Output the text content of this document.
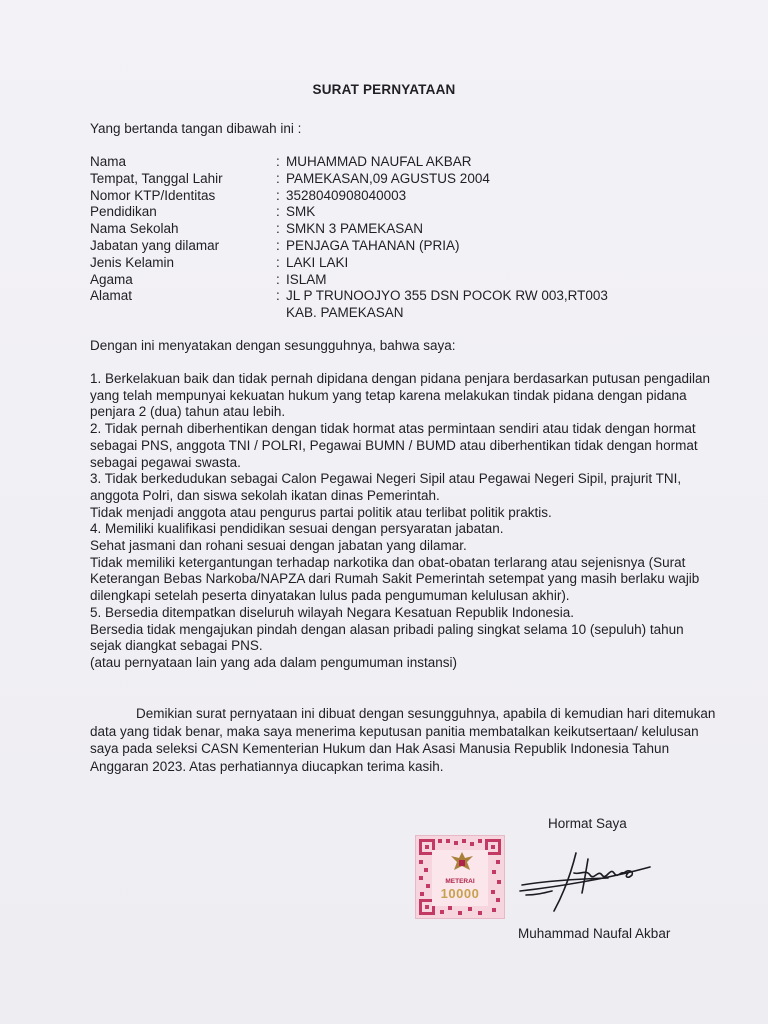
SURAT PERNYATAAN
Yang bertanda tangan dibawah ini :
Nama	: MUHAMMAD NAUFAL AKBAR
Tempat, Tanggal Lahir	: PAMEKASAN,09 AGUSTUS 2004
Nomor KTP/Identitas	: 3528040908040003
Pendidikan	: SMK
Nama Sekolah	: SMKN 3 PAMEKASAN
Jabatan yang dilamar	: PENJAGA TAHANAN (PRIA)
Jenis Kelamin	: LAKI LAKI
Agama	: ISLAM
Alamat	: JL P TRUNOOJYO 355 DSN POCOK RW 003,RT003
KAB. PAMEKASAN
Dengan ini menyatakan dengan sesungguhnya, bahwa saya:

1. Berkelakuan baik dan tidak pernah dipidana dengan pidana penjara berdasarkan putusan pengadilan yang telah mempunyai kekuatan hukum yang tetap karena melakukan tindak pidana dengan pidana penjara 2 (dua) tahun atau lebih.

2. Tidak pernah diberhentikan dengan tidak hormat atas permintaan sendiri atau tidak dengan hormat sebagai PNS, anggota TNI / POLRI, Pegawai BUMN / BUMD atau diberhentikan tidak dengan hormat sebagai pegawai swasta.

3. Tidak berkedudukan sebagai Calon Pegawai Negeri Sipil atau Pegawai Negeri Sipil, prajurit TNI, anggota Polri, dan siswa sekolah ikatan dinas Pemerintah.

Tidak menjadi anggota atau pengurus partai politik atau terlibat politik praktis.

4. Memiliki kualifikasi pendidikan sesuai dengan persyaratan jabatan.

Sehat jasmani dan rohani sesuai dengan jabatan yang dilamar.

Tidak memiliki ketergantungan terhadap narkotika dan obat-obatan terlarang atau sejenisnya (Surat Keterangan Bebas Narkoba/NAPZA dari Rumah Sakit Pemerintah setempat yang masih berlaku wajib dilengkapi setelah peserta dinyatakan lulus pada pengumuman kelulusan akhir).

5. Bersedia ditempatkan diseluruh wilayah Negara Kesatuan Republik Indonesia.

Bersedia tidak mengajukan pindah dengan alasan pribadi paling singkat selama 10 (sepuluh) tahun sejak diangkat sebagai PNS.

(atau pernyataan lain yang ada dalam pengumuman instansi)

Demikian surat pernyataan ini dibuat dengan sesungguhnya, apabila di kemudian hari ditemukan data yang tidak benar, maka saya menerima keputusan panitia membatalkan keikutsertaan/ kelulusan saya pada seleksi CASN Kementerian Hukum dan Hak Asasi Manusia Republik Indonesia Tahun Anggaran 2023. Atas perhatiannya diucapkan terima kasih.

Hormat Saya
METERAI
10000
Muhammad Naufal Akbar
